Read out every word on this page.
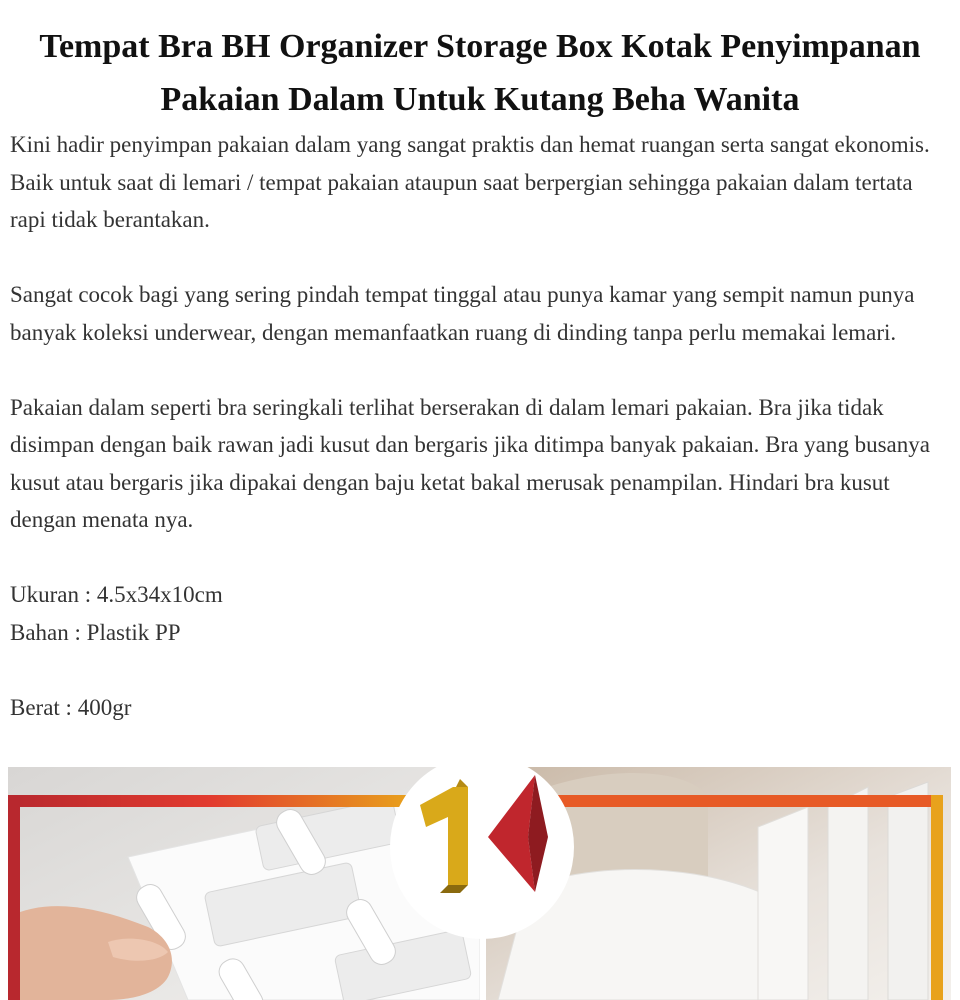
Tempat Bra BH Organizer Storage Box Kotak Penyimpanan Pakaian Dalam Untuk Kutang Beha Wanita

Kini hadir penyimpan pakaian dalam yang sangat praktis dan hemat ruangan serta sangat ekonomis. Baik untuk saat di lemari / tempat pakaian ataupun saat berpergian sehingga pakaian dalam tertata rapi tidak berantakan.

Sangat cocok bagi yang sering pindah tempat tinggal atau punya kamar yang sempit namun punya banyak koleksi underwear, dengan memanfaatkan ruang di dinding tanpa perlu memakai lemari.

Pakaian dalam seperti bra seringkali terlihat berserakan di dalam lemari pakaian. Bra jika tidak disimpan dengan baik rawan jadi kusut dan bergaris jika ditimpa banyak pakaian. Bra yang busanya kusut atau bergaris jika dipakai dengan baju ketat bakal merusak penampilan. Hindari bra kusut dengan menata nya.

Ukuran : 4.5x34x10cm

Bahan : Plastik PP

Berat : 400gr
